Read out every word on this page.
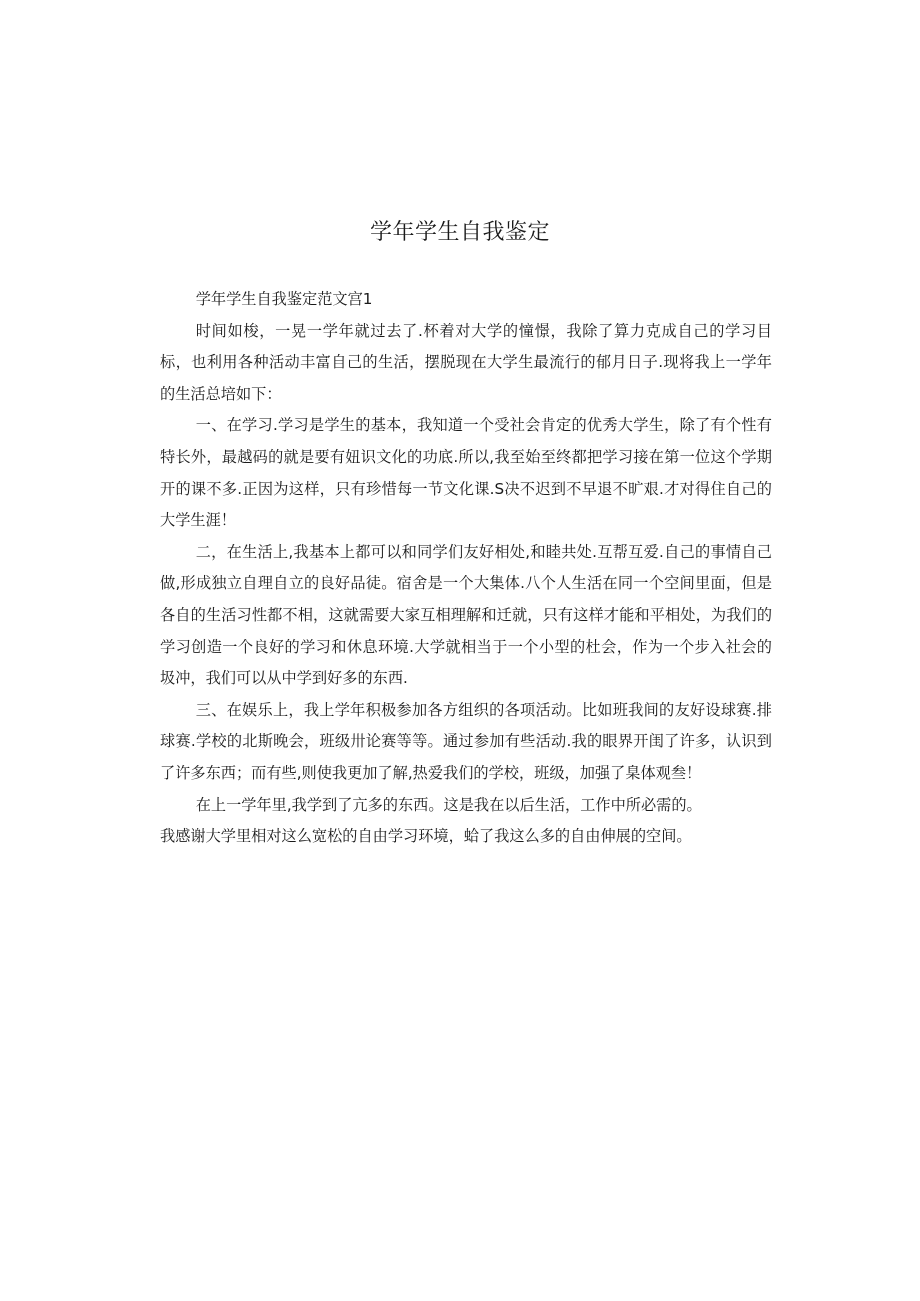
学年学生自我鉴定

学年学生自我鉴定范文宫1

时间如梭，一晃一学年就过去了.杯着对大学的憧憬，我除了算力克成自己的学习目标，也利用各种活动丰富自己的生活，摆脱现在大学生最流行的郁月日子.现将我上一学年的生活总培如下：

一、在学习.学习是学生的基本，我知道一个受社会肯定的优秀大学生，除了有个性有特长外，最越码的就是要有妞识文化的功底.所以,我至始至终都把学习接在第一位这个学期开的课不多.正因为这样，只有珍惜每一节文化课.S决不迟到不早退不旷艰.才对得住自己的大学生涯！

二，在生活上,我基本上都可以和同学们友好相处,和睦共处.互帮互爱.自己的事情自己做,形成独立自理自立的良好品徒。宿舍是一个大集体.八个人生活在同一个空间里面，但是各自的生活习性都不相，这就需要大家互相理解和迁就，只有这样才能和平相处，为我们的学习创造一个良好的学习和休息环境.大学就相当于一个小型的杜会，作为一个步入社会的圾冲，我们可以从中学到好多的东西.

三、在娱乐上，我上学年积极参加各方组织的各项活动。比如班我间的友好设球赛.排球赛.学校的北斯晚会，班级卅论赛等等。通过参加有些活动.我的眼界开闺了许多，认识到了许多东西；而有些,则使我更加了解,热爱我们的学校，班级，加强了臬体观叁！

在上一学年里,我学到了亢多的东西。这是我在以后生活，工作中所必需的。

我感谢大学里相对这么宽松的自由学习环境，蛤了我这么多的自由伸展的空间。
